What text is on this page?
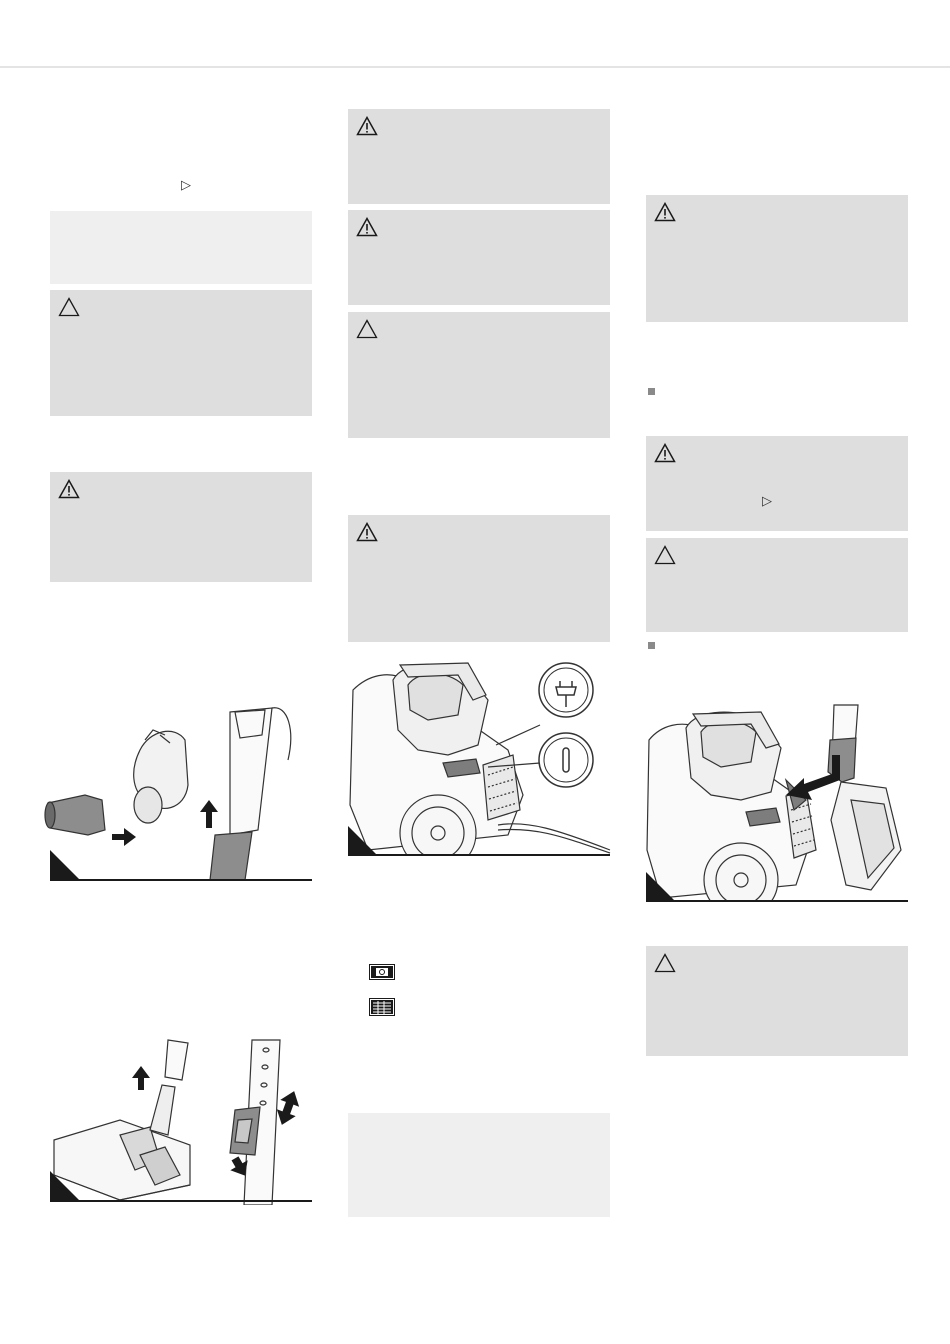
▷
▷
